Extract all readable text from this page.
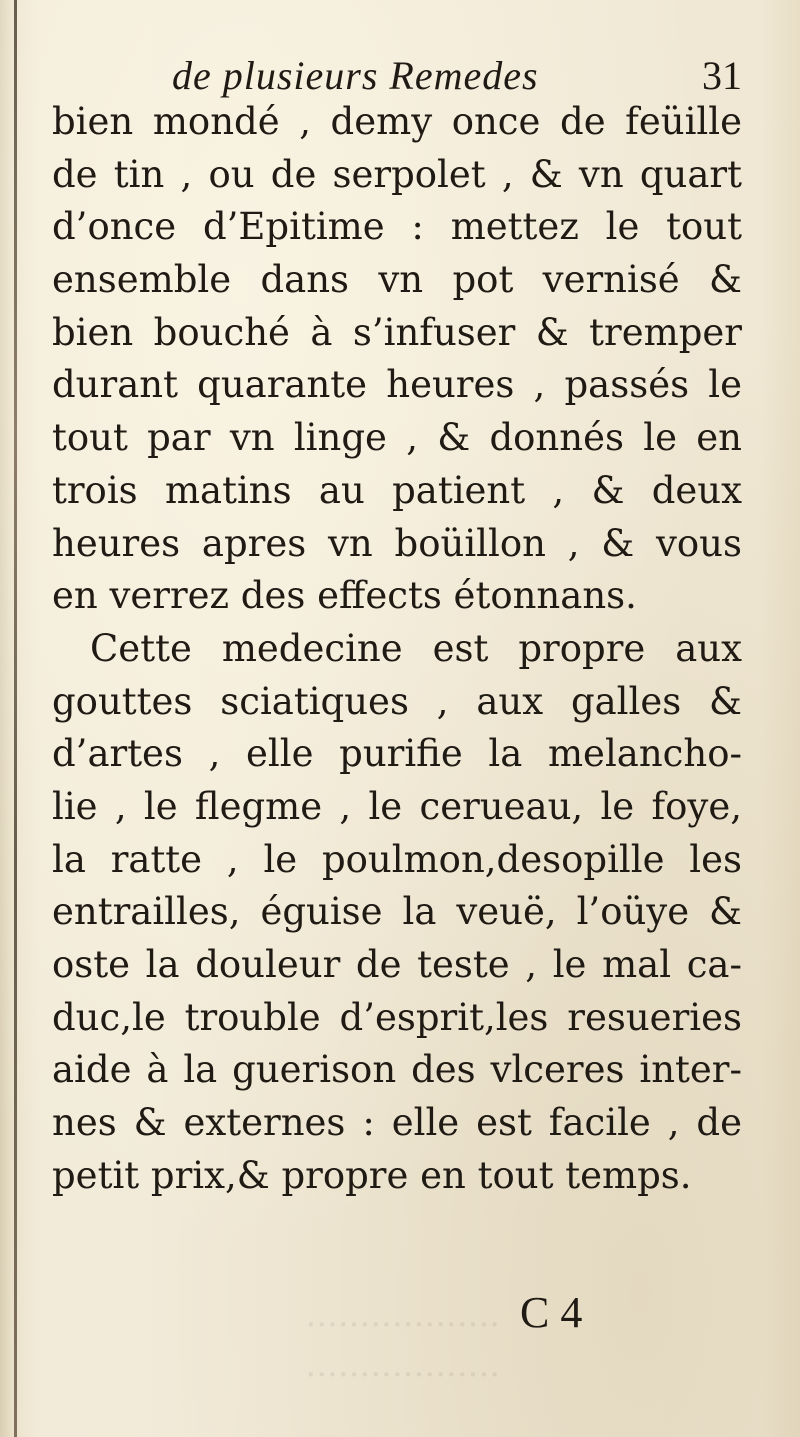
de plusieurs Remedes	31
bien mondé , demy once de feüille
de tin , ou de serpolet , & vn quart
d’once d’Epitime : mettez le tout
ensemble dans vn pot vernisé &
bien bouché à s’infuser & tremper
durant quarante heures , passés le
tout par vn linge , & donnés le en
trois matins au patient , & deux
heures apres vn boüillon , & vous
en verrez des effects étonnans.
Cette medecine est propre aux
gouttes sciatiques , aux galles &
d’artes , elle purifie la melancho-
lie , le flegme , le cerueau, le foye,
la ratte , le poulmon,desopille les
entrailles, éguise la veuë, l’oüye &
oste la douleur de teste , le mal ca-
duc,le trouble d’esprit,les resueries
aide à la guerison des vlceres inter-
nes & externes : elle est facile , de
petit prix,& propre en tout temps.
..................
..................
C 4
